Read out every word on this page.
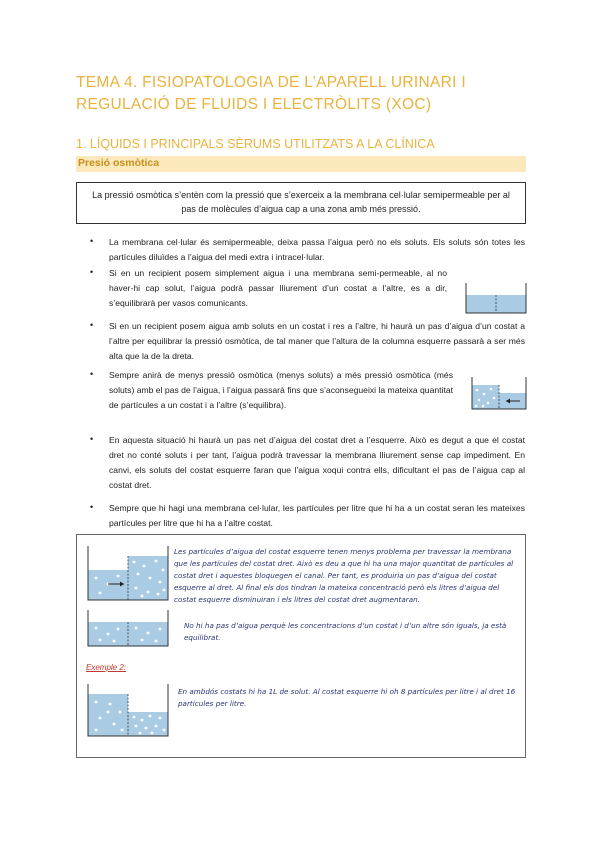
TEMA 4. FISIOPATOLOGIA DE L’APARELL URINARI I REGULACIÓ DE FLUIDS I ELECTRÒLITS (XOC)
1. LÍQUIDS I PRINCIPALS SÈRUMS UTILITZATS A LA CLÍNICA
Presió osmòtica

La pressió osmòtica s’entèn com la pressió que s’exerceix a la membrana cel·lular semipermeable per al pas de molècules d’aigua cap a una zona amb més pressió.

• La membrana cel·lular és semipermeable, deixa passa l’aigua però no els soluts. Els soluts són totes les partícules diluïdes a l’aigua del medi extra i intracel·lular.

• Si en un recipient posem simplement aigua i una membrana semi-permeable, al no haver-hi cap solut, l’aigua podrà passar lliurement d’un costat a l’altre, es a dir, s’equilibrarà per vasos comunicants.

• Si en un recipient posem aigua amb soluts en un costat i res a l’altre, hi haurà un pas d’aigua d’un costat a l’altre per equilibrar la pressió osmòtica, de tal maner que l’altura de la columna esquerre passarà a ser més alta que la de la dreta.

• Sempre anirà de menys pressió osmòtica (menys soluts) a més pressió osmòtica (més soluts) amb el pas de l’aigua, i l’aigua passarà fins que s’aconsegueixi la mateixa quantitat de partícules a un costat i a l’altre (s’equilibra).

• En aquesta situació hi haurà un pas net d’aigua del costat dret a l’esquerre. Això es degut a que el costat dret no conté soluts i per tant, l’aigua podrà travessar la membrana lliurement sense cap impediment. En canvi, els soluts del costat esquerre faran que l’aigua xoqui contra ells, dificultant el pas de l’aigua cap al costat dret.

• Sempre que hi hagi una membrana cel·lular, les partícules per litre que hi ha a un costat seran les mateixes partícules per litre que hi ha a l’altre costat.

Les partícules d’aigua del costat esquerre tenen menys problema per travessar la membrana que les partícules del costat dret. Això es deu a que hi ha una major quantitat de partícules al costat dret i aquestes bloquegen el canal. Per tant, es produiria un pas d’aigua del costat esquerre al dret. Al final els dos tindran la mateixa concentració però els litres d’aigua del costat esquerre disminuiran i els litres del costat dret augmentaran.

No hi ha pas d’aigua perquè les concentracions d’un costat i d’un altre són iguals, ja està equilibrat.

Exemple 2:

En ambdós costats hi ha 1L de solut. Al costat esquerre hi oh 8 partícules per litre i al dret 16 partícules per litre.
